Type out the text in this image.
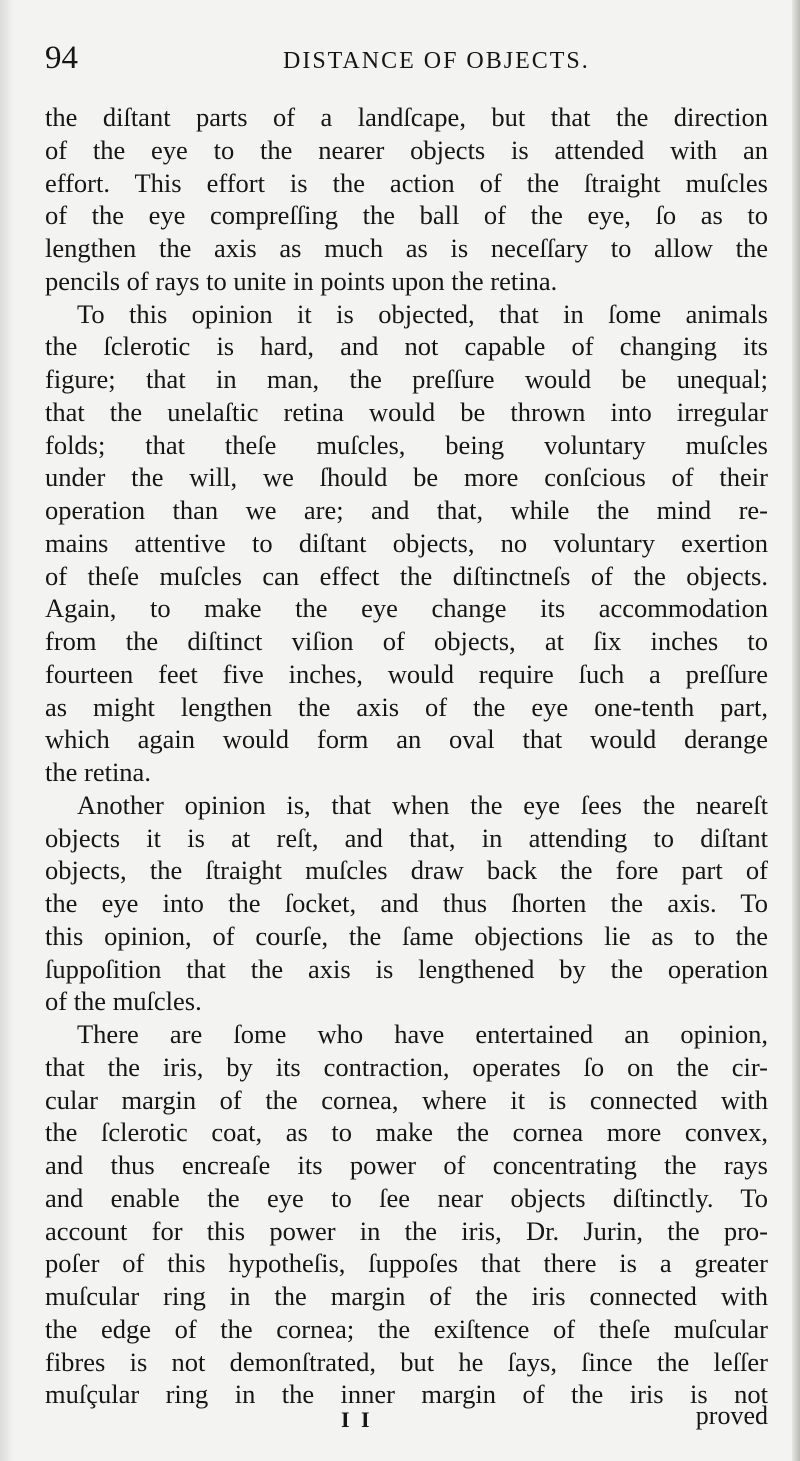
94	DISTANCE OF OBJECTS.
the diſtant parts of a landſcape, but that the direction
of the eye to the nearer objects is attended with an
effort. This effort is the action of the ſtraight muſcles
of the eye compreſſing the ball of the eye, ſo as to
lengthen the axis as much as is neceſſary to allow the
pencils of rays to unite in points upon the retina.
To this opinion it is objected, that in ſome animals
the ſclerotic is hard, and not capable of changing its
figure; that in man, the preſſure would be unequal;
that the unelaſtic retina would be thrown into irregular
folds; that theſe muſcles, being voluntary muſcles
under the will, we ſhould be more conſcious of their
operation than we are; and that, while the mind re-
mains attentive to diſtant objects, no voluntary exertion
of theſe muſcles can effect the diſtinctneſs of the objects.
Again, to make the eye change its accommodation
from the diſtinct viſion of objects, at ſix inches to
fourteen feet five inches, would require ſuch a preſſure
as might lengthen the axis of the eye one-tenth part,
which again would form an oval that would derange
the retina.
Another opinion is, that when the eye ſees the neareſt
objects it is at reſt, and that, in attending to diſtant
objects, the ſtraight muſcles draw back the fore part of
the eye into the ſocket, and thus ſhorten the axis. To
this opinion, of courſe, the ſame objections lie as to the
ſuppoſition that the axis is lengthened by the operation
of the muſcles.
There are ſome who have entertained an opinion,
that the iris, by its contraction, operates ſo on the cir-
cular margin of the cornea, where it is connected with
the ſclerotic coat, as to make the cornea more convex,
and thus encreaſe its power of concentrating the rays
and enable the eye to ſee near objects diſtinctly. To
account for this power in the iris, Dr. Jurin, the pro-
poſer of this hypotheſis, ſuppoſes that there is a greater
muſcular ring in the margin of the iris connected with
the edge of the cornea; the exiſtence of theſe muſcular
fibres is not demonſtrated, but he ſays, ſince the leſſer
muſçular ring in the inner margin of the iris is not
I I	proved
